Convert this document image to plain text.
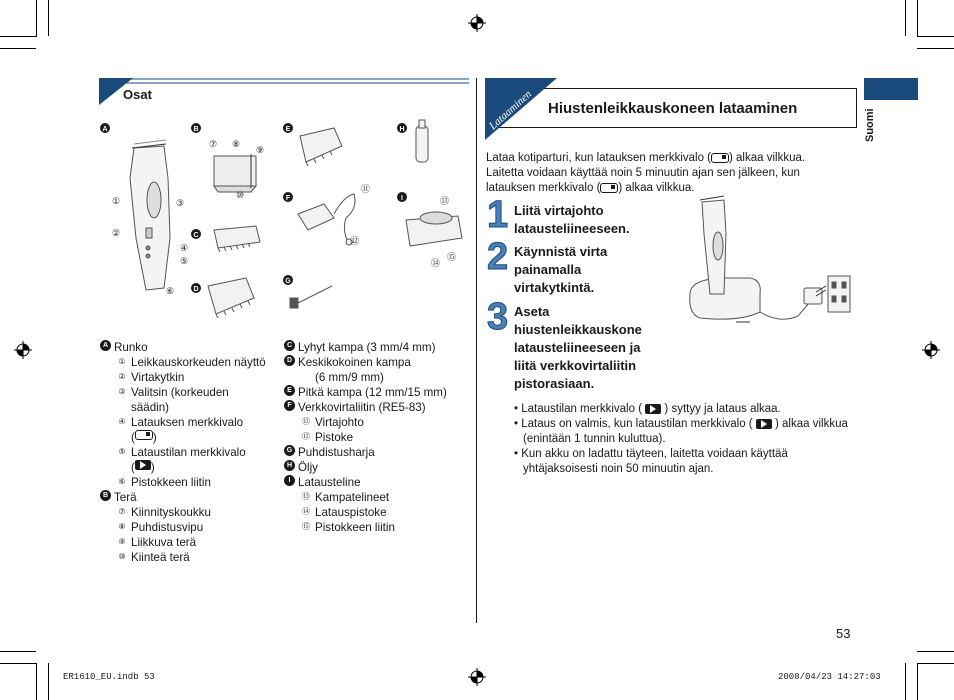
Osat
A	B	E	H
C
F	I
D
G
①
②
③
④
⑤
⑥
⑦ ⑧
⑨
⑩
⑪
⑫
⑬
⑭
⑮
A Runko
① Leikkauskorkeuden näyttö
② Virtakytkin
③ Valitsin (korkeuden
säädin)
④ Latauksen merkkivalo
( )
⑤ Lataustilan merkkivalo
( )
⑥ Pistokkeen liitin
B Terä
⑦ Kiinnityskoukku
⑧ Puhdistusvipu
⑨ Liikkuva terä
⑩ Kiinteä terä
C Lyhyt kampa (3 mm/4 mm)
D Keskikokoinen kampa
(6 mm/9 mm)
E Pitkä kampa (12 mm/15 mm)
F Verkkovirtaliitin (RE5-83)
⑪ Virtajohto
⑫ Pistoke
G Puhdistusharja
H Öljy
I Latausteline
⑬ Kampatelineet
⑭ Latauspistoke
⑮ Pistokkeen liitin
Lataaminen Hiustenleikkauskoneen lataaminen
Lataa kotiparturi, kun latauksen merkkivalo ( ) alkaa vilkkua.
Laitetta voidaan käyttää noin 5 minuutin ajan sen jälkeen, kun
latauksen merkkivalo ( ) alkaa vilkkua.
1 Liitä virtajohto latausteliineeseen.
2 Käynnistä virta painamalla virtakytkintä.
3 Aseta hiustenleikkauskone latausteliineeseen ja liitä verkkovirtaliitin pistorasiaan.
• Lataustilan merkkivalo (  ) syttyy ja lataus alkaa.
• Lataus on valmis, kun lataustilan merkkivalo (  ) alkaa vilkkua (enintään 1 tunnin kuluttua).
• Kun akku on ladattu täyteen, laitetta voidaan käyttää yhtäjaksoisesti noin 50 minuutin ajan.
Suomi
53
ER1610_EU.indb 53	2008/04/23 14:27:03
